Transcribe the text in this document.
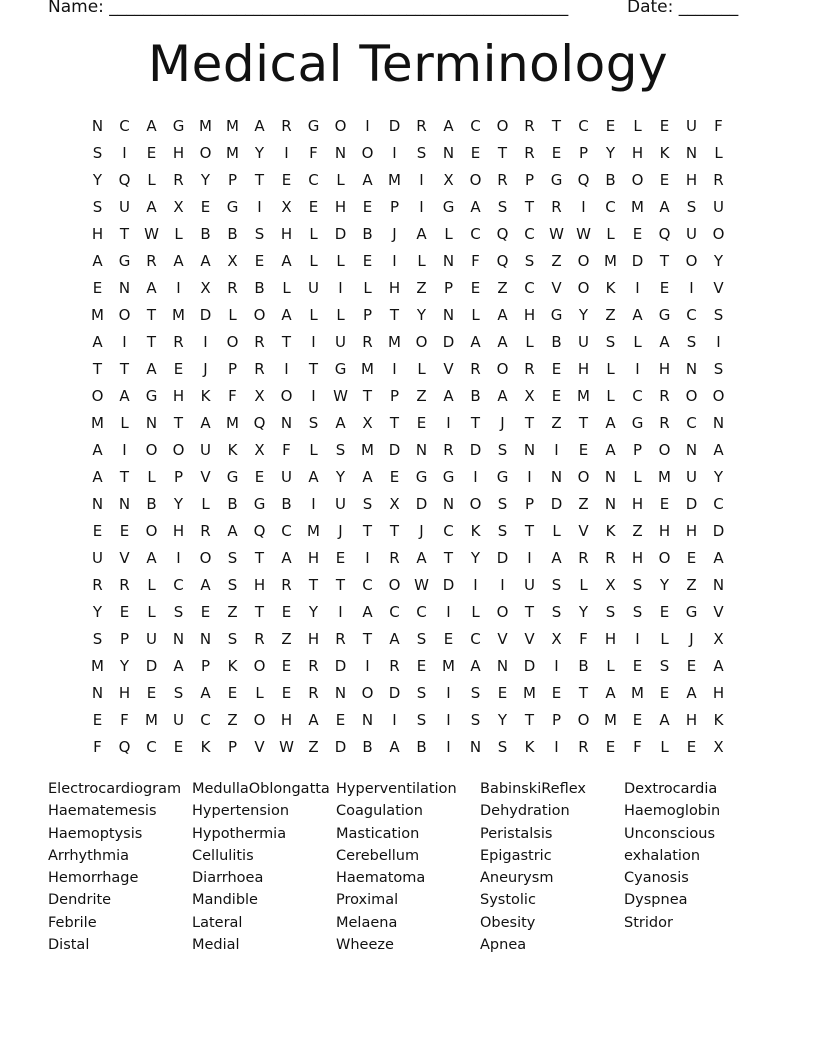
Name: ______________________________________________________	Date: _______
Medical Terminology
N	C	A	G M M	A	R	G	O	I	D	R	A	C	O	R	T	C	E	L	E	U	F
S	I	E	H	O M	Y	I	F	N	O	I	S	N	E	T	R	E	P	Y	H	K	N	L
Y	Q	L	R	Y	P	T	E	C	L	A	M	I	X	O	R	P	G	Q	B	O	E	H	R
S	U	A	X	E	G	I	X	E	H	E	P	I	G	A	S	T	R	I	C	M	A	S	U
H	T	W	L	B	B	S	H	L	D	B	J	A	L	C	Q	C W W	L	E	Q	U	O
A	G	R	A	A	X	E	A	L	L	E	I	L	N	F	Q	S	Z	O M D	T	O	Y
E	N	A	I	X	R	B	L	U	I	L	H	Z	P	E	Z	C	V	O	K	I	E	I	V
M O	T	M D	L	O	A	L	L	P	T	Y	N	L	A	H	G	Y	Z	A	G	C	S
A	I	T	R	I	O	R	T	I	U	R	M O	D	A	A	L	B	U	S	L	A	S	I
T	T	A	E	J	P	R	I	T	G M	I	L	V	R	O	R	E	H	L	I	H	N	S
O	A	G	H	K	F	X	O	I	W T	P	Z	A	B	A	X	E	M	L	C	R	O	O
M	L	N	T	A	M Q	N	S	A	X	T	E	I	T	J	T	Z	T	A	G	R	C	N
A	I	O	O	U	K	X	F	L	S	M D	N	R	D	S	N	I	E	A	P	O	N	A
A	T	L	P	V	G	E	U	A	Y	A	E	G	G	I	G	I	N	O	N	L	M	U	Y
N	N	B	Y	L	B	G	B	I	U	S	X	D	N	O	S	P	D	Z	N	H	E	D	C
E	E	O	H	R	A	Q	C	M	J	T	T	J	C	K	S	T	L	V	K	Z	H	H	D
U	V	A	I	O	S	T	A	H	E	I	R	A	T	Y	D	I	A	R	R	H	O	E	A
R	R	L	C	A	S	H	R	T	T	C	O W D	I	I	U	S	L	X	S	Y	Z	N
Y	E	L	S	E	Z	T	E	Y	I	A	C	C	I	L	O	T	S	Y	S	S	E	G	V
S	P	U	N	N	S	R	Z	H	R	T	A	S	E	C	V	V	X	F	H	I	L	J	X
M	Y	D	A	P	K	O	E	R	D	I	R	E	M	A	N	D	I	B	L	E	S	E	A
N	H	E	S	A	E	L	E	R	N	O	D	S	I	S	E	M	E	T	A	M	E	A	H
E	F	M	U	C	Z	O	H	A	E	N	I	S	I	S	Y	T	P	O M	E	A	H	K
F	Q	C	E	K	P	V W Z	D	B	A	B	I	N	S	K	I	R	E	F	L	E	X
Electrocardiogram
Haematemesis
Haemoptysis
Arrhythmia
Hemorrhage
Dendrite
Febrile
Distal
MedullaOblongatta
Hypertension
Hypothermia
Cellulitis
Diarrhoea
Mandible
Lateral
Medial
Hyperventilation
Coagulation
Mastication
Cerebellum
Haematoma
Proximal
Melaena
Wheeze
BabinskiReflex
Dehydration
Peristalsis
Epigastric
Aneurysm
Systolic
Obesity
Apnea
Dextrocardia
Haemoglobin
Unconscious
exhalation
Cyanosis
Dyspnea
Stridor
